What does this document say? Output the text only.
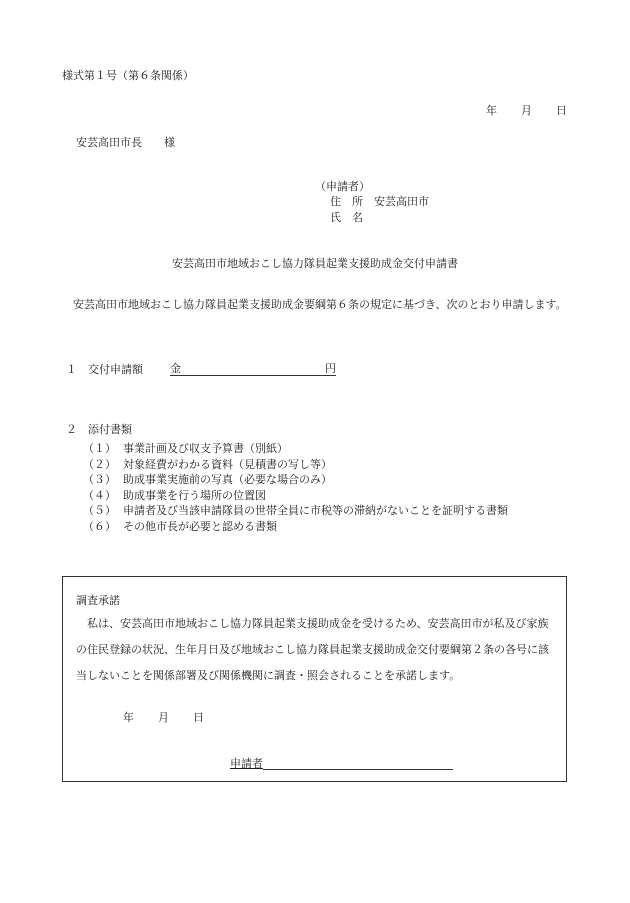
様式第１号（第６条関係）
年 月 日
安芸高田市長　　様
（申請者）
住　所　 安芸高田市
氏　名
安芸高田市地域おこし協力隊員起業支援助成金交付申請書
　安芸高田市地域おこし協力隊員起業支援助成金要綱第６条の規定に基づき、次のとおり申請します。
１　交付申請額 金	円
２　添付書類
（１） 事業計画及び収支予算書（別紙）
（２） 対象経費がわかる資料（見積書の写し等）
（３） 助成事業実施前の写真（必要な場合のみ）
（４） 助成事業を行う場所の位置図
（５） 申請者及び当該申請隊員の世帯全員に市税等の滞納がないことを証明する書類
（６） その他市長が必要と認める書類
調査承諾
私は、安芸高田市地域おこし協力隊員起業支援助成金を受けるため、安芸高田市が私及び家族の住民登録の状況、生年月日及び地域おこし協力隊員起業支援助成金交付要綱第２条の各号に該当しないことを関係部署及び関係機関に調査・照会されることを承諾します。
年 月 日
申請者
